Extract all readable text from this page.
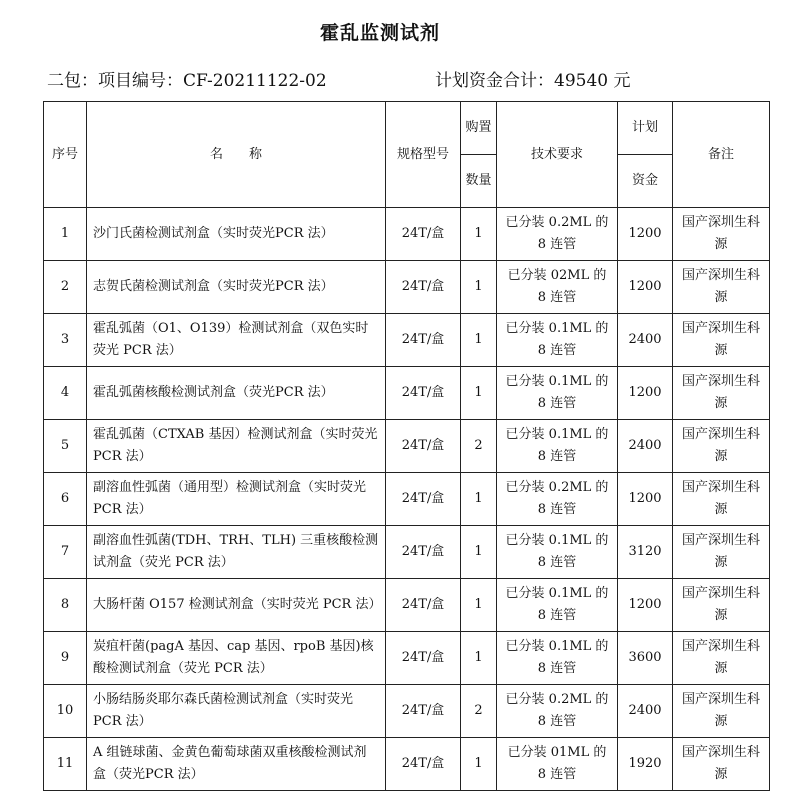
霍乱监测试剂
二包：项目编号：CF-20211122-02	计划资金合计：49540 元
序号	名　　称	规格型号	购置	技术要求	计划	备注
			数量		资金	
1	沙门氏菌检测试剂盒（实时荧光PCR 法）	24T/盒	1	已分装 0.2ML 的 8 连管	1200	国产深圳生科源
2	志贺氏菌检测试剂盒（实时荧光PCR 法）	24T/盒	1	已分装 02ML 的 8 连管	1200	国产深圳生科源
3	霍乱弧菌（O1、O139）检测试剂盒（双色实时荧光 PCR 法）	24T/盒	1	已分装 0.1ML 的 8 连管	2400	国产深圳生科源
4	霍乱弧菌核酸检测试剂盒（荧光PCR 法）	24T/盒	1	已分装 0.1ML 的 8 连管	1200	国产深圳生科源
5	霍乱弧菌（CTXAB 基因）检测试剂盒（实时荧光PCR 法）	24T/盒	2	已分装 0.1ML 的 8 连管	2400	国产深圳生科源
6	副溶血性弧菌（通用型）检测试剂盒（实时荧光PCR 法）	24T/盒	1	已分装 0.2ML 的 8 连管	1200	国产深圳生科源
7	副溶血性弧菌(TDH、TRH、TLH) 三重核酸检测试剂盒（荧光 PCR 法）	24T/盒	1	已分装 0.1ML 的 8 连管	3120	国产深圳生科源
8	大肠杆菌 O157 检测试剂盒（实时荧光 PCR 法）	24T/盒	1	已分装 0.1ML 的 8 连管	1200	国产深圳生科源
9	炭疽杆菌(pagA 基因、cap 基因、rpoB 基因)核酸检测试剂盒（荧光 PCR 法）	24T/盒	1	已分装 0.1ML 的 8 连管	3600	国产深圳生科源
10	小肠结肠炎耶尔森氏菌检测试剂盒（实时荧光PCR 法）	24T/盒	2	已分装 0.2ML 的 8 连管	2400	国产深圳生科源
11	A 组链球菌、金黄色葡萄球菌双重核酸检测试剂盒（荧光PCR 法）	24T/盒	1	已分装 01ML 的 8 连管	1920	国产深圳生科源
